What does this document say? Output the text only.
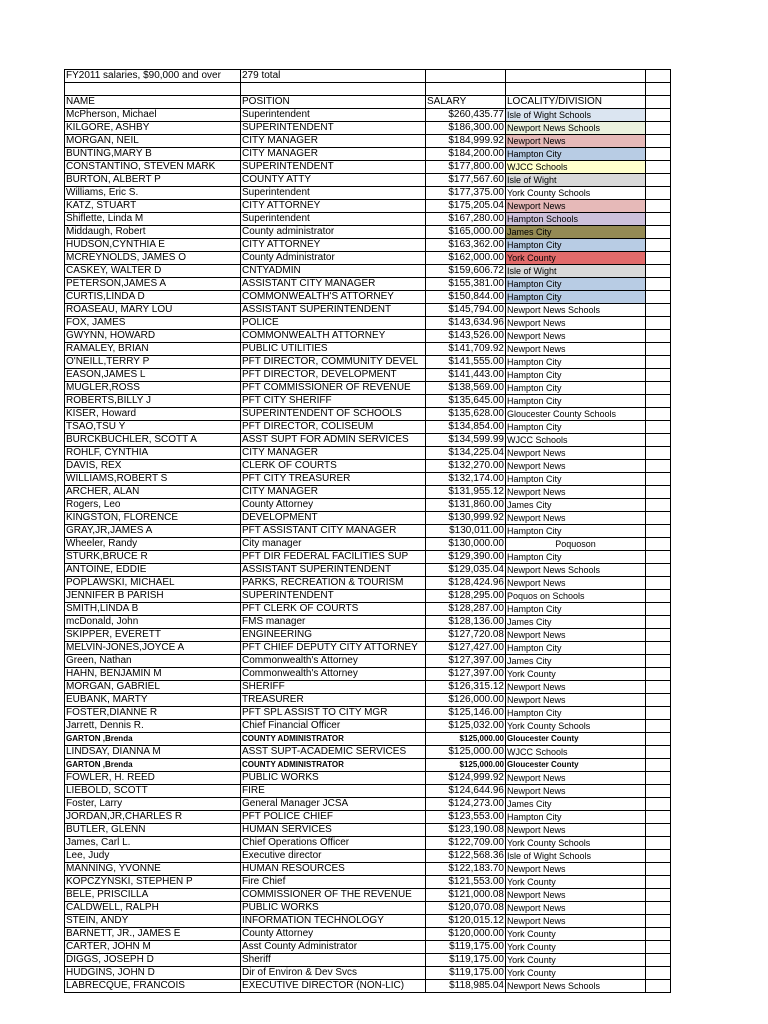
FY2011 salaries, $90,000 and over	279 total			

NAME	POSITION	SALARY	LOCALITY/DIVISION	
McPherson, Michael	Superintendent	$260,435.77	Isle of Wight Schools	
KILGORE, ASHBY	SUPERINTENDENT	$186,300.00	Newport News Schools	
MORGAN, NEIL	CITY MANAGER	$184,999.92	Newport News	
BUNTING,MARY B	CITY MANAGER	$184,200.00	Hampton City	
CONSTANTINO, STEVEN MARK	SUPERINTENDENT	$177,800.00	WJCC Schools	
BURTON, ALBERT P	COUNTY ATTY	$177,567.60	Isle of Wight	
Williams, Eric S.	Superintendent	$177,375.00	York County Schools	
KATZ, STUART	CITY ATTORNEY	$175,205.04	Newport News	
Shiflette, Linda M	Superintendent	$167,280.00	Hampton Schools	
Middaugh, Robert	County administrator	$165,000.00	James City	
HUDSON,CYNTHIA E	CITY ATTORNEY	$163,362.00	Hampton City	
MCREYNOLDS, JAMES O	County Administrator	$162,000.00	York County	
CASKEY, WALTER D	CNTYADMIN	$159,606.72	Isle of Wight	
PETERSON,JAMES A	ASSISTANT CITY MANAGER	$155,381.00	Hampton City	
CURTIS,LINDA D	COMMONWEALTH'S ATTORNEY	$150,844.00	Hampton City	
ROASEAU, MARY LOU	ASSISTANT SUPERINTENDENT	$145,794.00	Newport News Schools	
FOX, JAMES	POLICE	$143,634.96	Newport News	
GWYNN, HOWARD	COMMONWEALTH ATTORNEY	$143,526.00	Newport News	
RAMALEY, BRIAN	PUBLIC UTILITIES	$141,709.92	Newport News	
O'NEILL,TERRY P	PFT DIRECTOR, COMMUNITY DEVEL	$141,555.00	Hampton City	
EASON,JAMES L	PFT DIRECTOR, DEVELOPMENT	$141,443.00	Hampton City	
MUGLER,ROSS	PFT COMMISSIONER OF REVENUE	$138,569.00	Hampton City	
ROBERTS,BILLY J	PFT CITY SHERIFF	$135,645.00	Hampton City	
KISER, Howard	SUPERINTENDENT OF SCHOOLS	$135,628.00	Gloucester County Schools	
TSAO,TSU Y	PFT DIRECTOR, COLISEUM	$134,854.00	Hampton City	
BURCKBUCHLER, SCOTT A	ASST SUPT FOR ADMIN SERVICES	$134,599.99	WJCC Schools	
ROHLF, CYNTHIA	CITY MANAGER	$134,225.04	Newport News	
DAVIS, REX	CLERK OF COURTS	$132,270.00	Newport News	
WILLIAMS,ROBERT S	PFT CITY TREASURER	$132,174.00	Hampton City	
ARCHER, ALAN	CITY MANAGER	$131,955.12	Newport News	
Rogers, Leo	County Attorney	$131,860.00	James City	
KINGSTON, FLORENCE	DEVELOPMENT	$130,999.92	Newport News	
GRAY,JR,JAMES A	PFT ASSISTANT CITY MANAGER	$130,011.00	Hampton City	
Wheeler, Randy	City manager	$130,000.00	Poquoson	
STURK,BRUCE R	PFT DIR FEDERAL FACILITIES SUP	$129,390.00	Hampton City	
ANTOINE, EDDIE	ASSISTANT SUPERINTENDENT	$129,035.04	Newport News Schools	
POPLAWSKI, MICHAEL	PARKS, RECREATION & TOURISM	$128,424.96	Newport News	
JENNIFER B PARISH	SUPERINTENDENT	$128,295.00	Poquos on Schools	
SMITH,LINDA B	PFT CLERK OF COURTS	$128,287.00	Hampton City	
mcDonald, John	FMS manager	$128,136.00	James City	
SKIPPER, EVERETT	ENGINEERING	$127,720.08	Newport News	
MELVIN-JONES,JOYCE A	PFT CHIEF DEPUTY CITY ATTORNEY	$127,427.00	Hampton City	
Green, Nathan	Commonwealth's Attorney	$127,397.00	James City	
HAHN, BENJAMIN M	Commonwealth's Attorney	$127,397.00	York County	
MORGAN, GABRIEL	SHERIFF	$126,315.12	Newport News	
EUBANK, MARTY	TREASURER	$126,000.00	Newport News	
FOSTER,DIANNE R	PFT SPL ASSIST TO CITY MGR	$125,146.00	Hampton City	
Jarrett, Dennis R.	Chief Financial Officer	$125,032.00	York County Schools	
GARTON ,Brenda	COUNTY ADMINISTRATOR	$125,000.00	Gloucester County	
LINDSAY, DIANNA M	ASST SUPT-ACADEMIC SERVICES	$125,000.00	WJCC Schools	
GARTON ,Brenda	COUNTY ADMINISTRATOR	$125,000.00	Gloucester County	
FOWLER, H. REED	PUBLIC WORKS	$124,999.92	Newport News	
LIEBOLD, SCOTT	FIRE	$124,644.96	Newport News	
Foster, Larry	General Manager JCSA	$124,273.00	James City	
JORDAN,JR,CHARLES R	PFT POLICE CHIEF	$123,553.00	Hampton City	
BUTLER, GLENN	HUMAN SERVICES	$123,190.08	Newport News	
James, Carl L.	Chief Operations Officer	$122,709.00	York County Schools	
Lee, Judy	Executive director	$122,568.36	Isle of Wight Schools	
MANNING, YVONNE	HUMAN RESOURCES	$122,183.70	Newport News	
KOPCZYNSKI, STEPHEN P	Fire Chief	$121,553.00	York County	
BELE, PRISCILLA	COMMISSIONER OF THE REVENUE	$121,000.08	Newport News	
CALDWELL, RALPH	PUBLIC WORKS	$120,070.08	Newport News	
STEIN, ANDY	INFORMATION TECHNOLOGY	$120,015.12	Newport News	
BARNETT, JR., JAMES E	County Attorney	$120,000.00	York County	
CARTER, JOHN M	Asst County Administrator	$119,175.00	York County	
DIGGS, JOSEPH D	Sheriff	$119,175.00	York County	
HUDGINS, JOHN D	Dir of Environ & Dev Svcs	$119,175.00	York County	
LABRECQUE, FRANCOIS	EXECUTIVE DIRECTOR (NON-LIC)	$118,985.04	Newport News Schools	
